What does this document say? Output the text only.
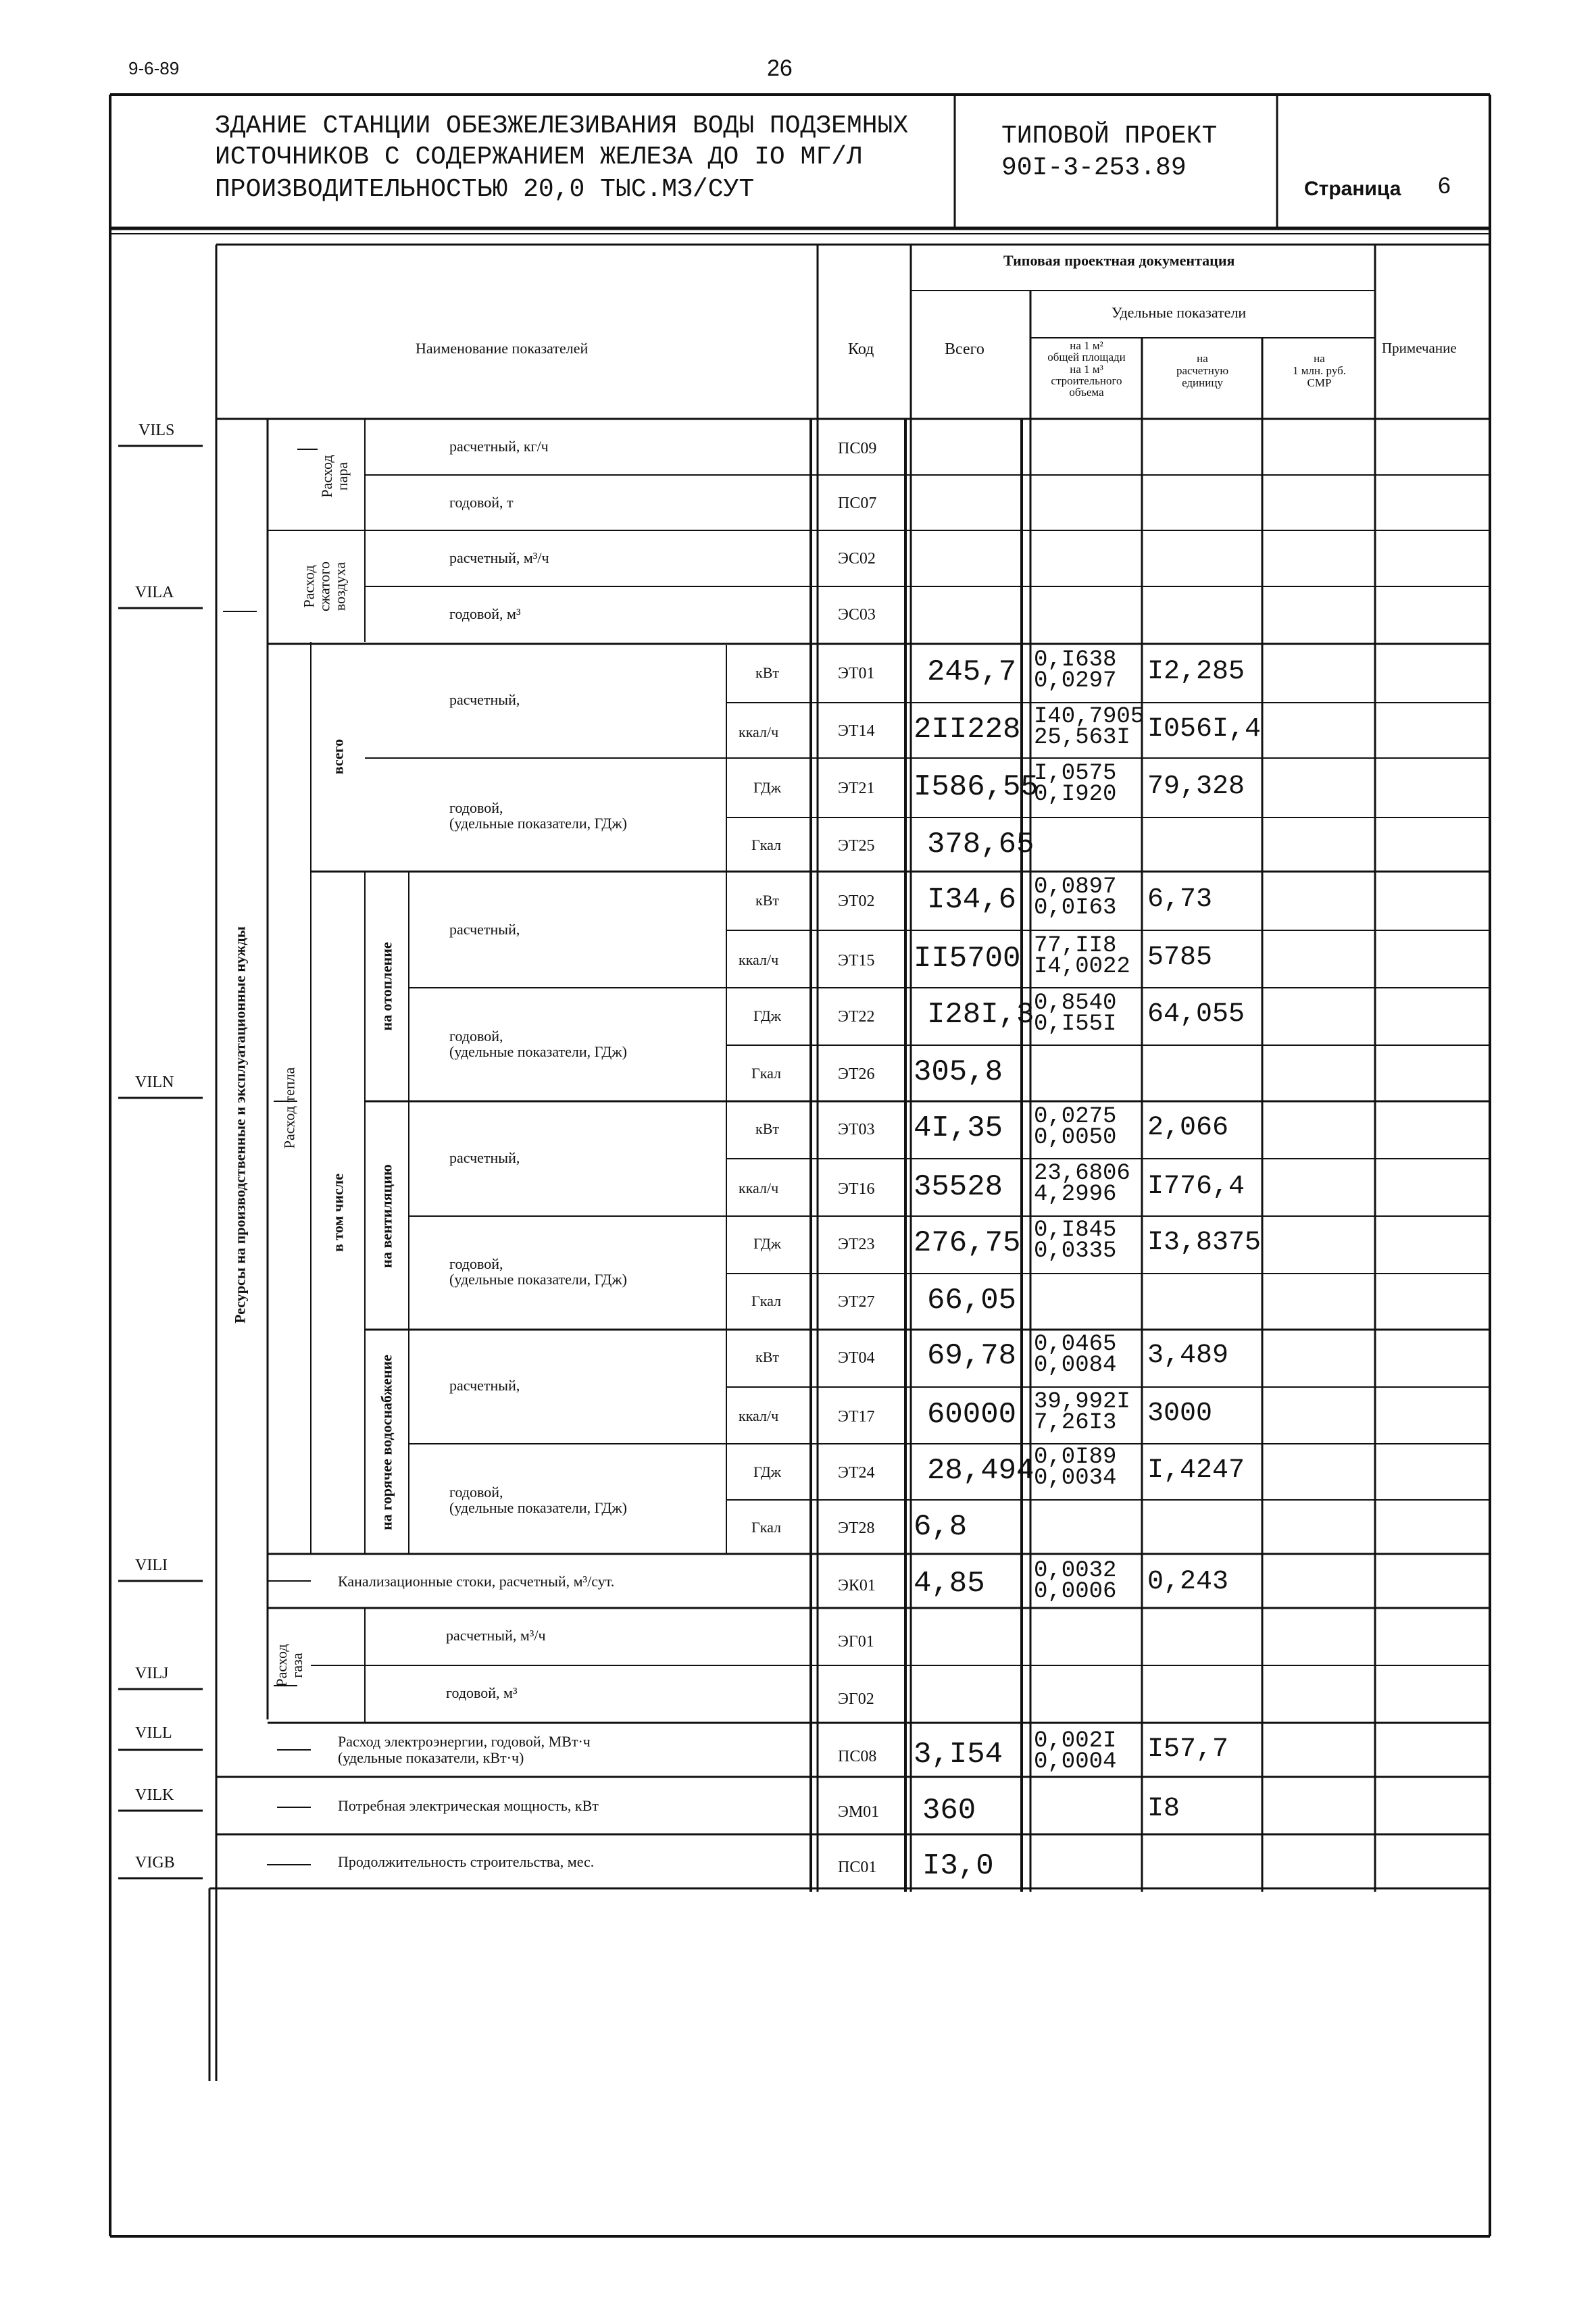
9-6-89	26
ЗДАНИЕ СТАНЦИИ ОБЕЗЖЕЛЕЗИВАНИЯ ВОДЫ ПОДЗЕМНЫХ
ИСТОЧНИКОВ С СОДЕРЖАНИЕМ ЖЕЛЕЗА ДО IO МГ/Л
ПРОИЗВОДИТЕЛЬНОСТЬЮ 20,0 ТЫС.МЗ/СУТ
ТИПОВОЙ ПРОЕКТ
90I-3-253.89
Страница 6
Наименование показателей	Код
Типовая проектная документация
Всего
Удельные показатели
на 1 м²
общей площади
на 1 м³
строительного
объема
на
расчетную
единицу
на
1 млн. руб.
СМР
Примечание
VILS
VILA
VILN
VILI
VILJ
VILL
VILK
VIGB
Ресурсы на производственные и эксплуатационные нужды
Расход
пара
Расход
сжатого
воздуха
Расход тепла
всего
в том числе
на отопление
на вентиляцию
на горячее водоснабжение
Расход
газа
расчетный, кг/ч
годовой, т
расчетный, м³/ч
годовой, м³
расчетный,
годовой,
(удельные показатели, ГДж)
расчетный,
годовой,
(удельные показатели, ГДж)
расчетный,
годовой,
(удельные показатели, ГДж)
расчетный,
годовой,
(удельные показатели, ГДж)
Канализационные стоки, расчетный, м³/сут.
расчетный, м³/ч
годовой, м³
Расход электроэнергии, годовой, МВт·ч
(удельные показатели, кВт·ч)
Потребная электрическая мощность, кВт
Продолжительность строительства, мес.
кВт
ккал/ч
ГДж
Гкал
кВт
ккал/ч
ГДж
Гкал
кВт
ккал/ч
ГДж
Гкал
кВт
ккал/ч
ГДж
Гкал
ПС09
ПС07
ЭС02
ЭС03
ЭТ01
ЭТ14
ЭТ21
ЭТ25
ЭТ02
ЭТ15
ЭТ22
ЭТ26
ЭТ03
ЭТ16
ЭТ23
ЭТ27
ЭТ04
ЭТ17
ЭТ24
ЭТ28
ЭК01
ЭГ01
ЭГ02
ПС08
ЭМ01
ПС01
245,7
2II228
I586,55
378,65
I34,6
II5700
I28I,3
305,8
4I,35
35528
276,75
66,05
69,78
60000
28,494
6,8
4,85
3,I54
360
I3,0
0,I638
0,0297
I40,7905
25,563I
I,0575
0,I920
0,0897
0,0I63
77,II8
I4,0022
0,8540
0,I55I
0,0275
0,0050
23,6806
4,2996
0,I845
0,0335
0,0465
0,0084
39,992I
7,26I3
0,0I89
0,0034
0,0032
0,0006
0,002I
0,0004
I2,285
I056I,4
79,328
6,73
5785
64,055
2,066
I776,4
I3,8375
3,489
3000
I,4247
0,243
I57,7
I8
